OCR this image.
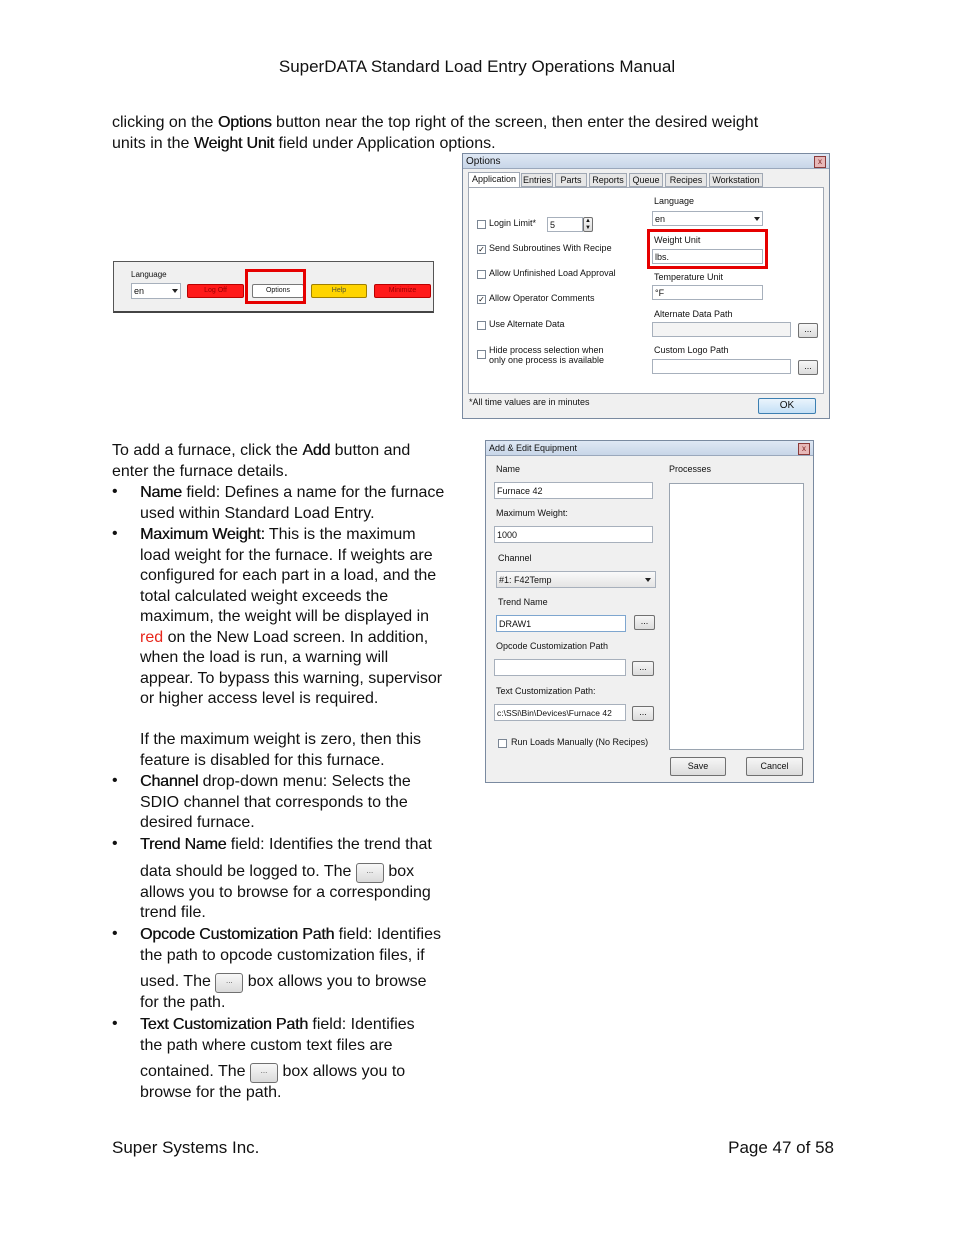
SuperDATA Standard Load Entry Operations Manual
clicking on the Options button near the top right of the screen, then enter the desired weight
units in the Weight Unit field under Application options.
Language
en	Log Off	Options	Help	Minimize
Options	x
Application Entries	Parts	Reports Queue	Recipes	Workstation
Login Limit*	5	▲
▼
✓ Send Subroutines With Recipe
Allow Unfinished Load Approval
✓ Allow Operator Comments
Use Alternate Data
Hide process selection when
only one process is available
Language
en
Weight Unit
lbs.
Temperature Unit
°F
Alternate Data Path
...
Custom Logo Path
...
*All time values are in minutes	OK
To add a furnace, click the Add button and
enter the furnace details.
• Name field: Defines a name for the furnace
used within Standard Load Entry.
• Maximum Weight: This is the maximum
load weight for the furnace. If weights are
configured for each part in a load, and the
total calculated weight exceeds the
maximum, the weight will be displayed in
red on the New Load screen. In addition,
when the load is run, a warning will
appear. To bypass this warning, supervisor
or higher access level is required.
If the maximum weight is zero, then this
feature is disabled for this furnace.
• Channel drop-down menu: Selects the
SDIO channel that corresponds to the
desired furnace.
• Trend Name field: Identifies the trend that
data should be logged to. The ... box
allows you to browse for a corresponding
trend file.
• Opcode Customization Path field: Identifies
the path to opcode customization files, if
used. The ... box allows you to browse
for the path.
• Text Customization Path field: Identifies
the path where custom text files are
contained. The ... box allows you to
browse for the path.
Add & Edit Equipment	x
Name
Furnace 42
Maximum Weight:
1000
Channel
#1: F42Temp
Trend Name
DRAW1	...
Opcode Customization Path
...
Text Customization Path:
c:\SSi\Bin\Devices\Furnace 42	...
Run Loads Manually (No Recipes)
Processes
Save	Cancel
Super Systems Inc.	Page 47 of 58
